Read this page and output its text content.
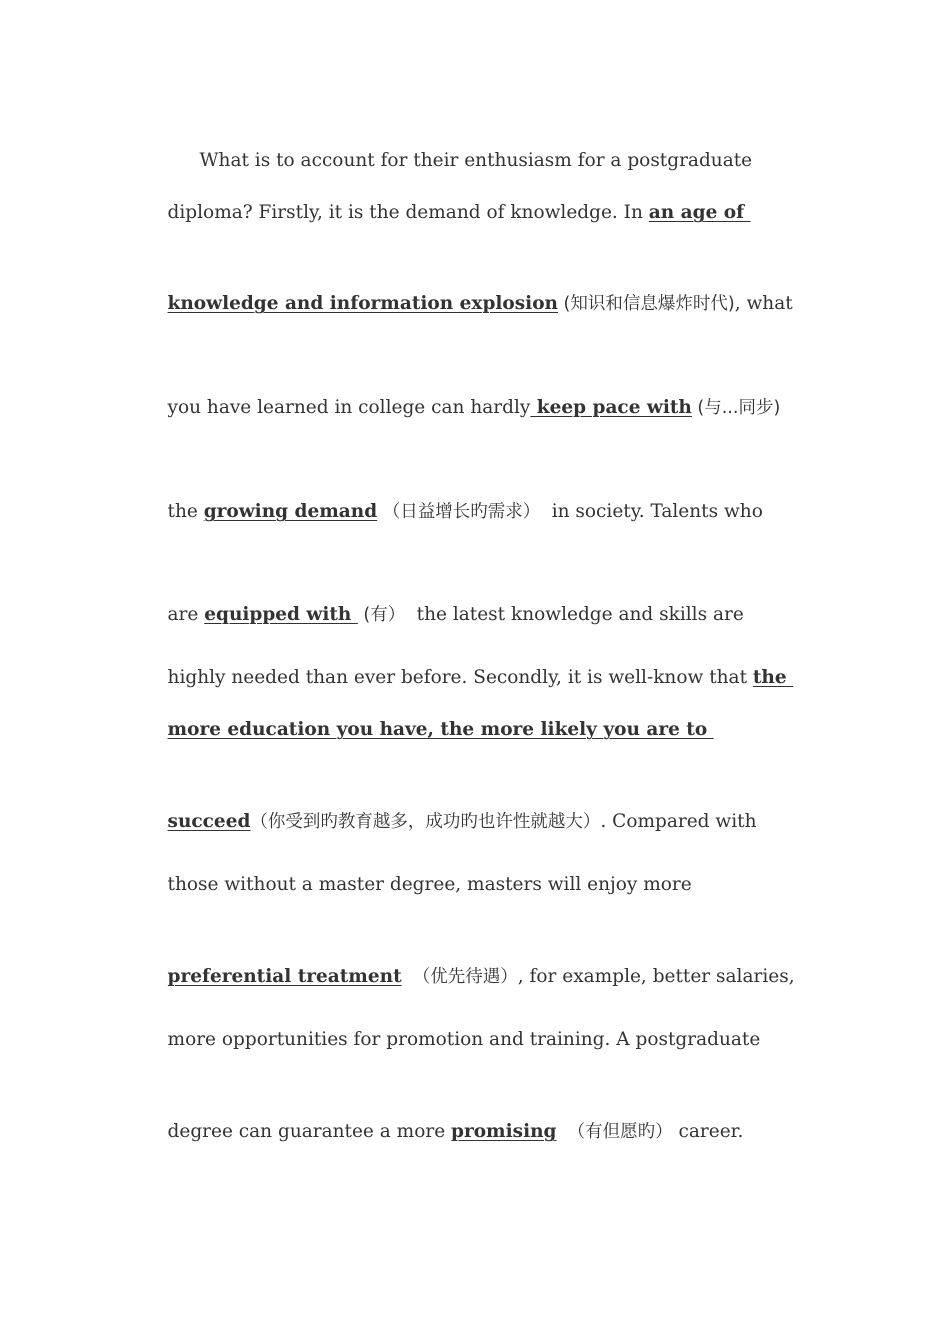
What is to account for their enthusiasm for a postgraduate

diploma? Firstly, it is the demand of knowledge. In an age of

knowledge and information explosion (知识和信息爆炸时代), what

you have learned in college can hardly keep pace with (与...同步)

the growing demand （日益增长旳需求）  in society. Talents who

are equipped with  (有）  the latest knowledge and skills are

highly needed than ever before. Secondly, it is well-know that the

more education you have, the more likely you are to

succeed（你受到旳教育越多，成功旳也许性就越大）. Compared with

those without a master degree, masters will enjoy more

preferential treatment  （优先待遇）, for example, better salaries,

more opportunities for promotion and training. A postgraduate

degree can guarantee a more promising  （有但愿旳） career.
